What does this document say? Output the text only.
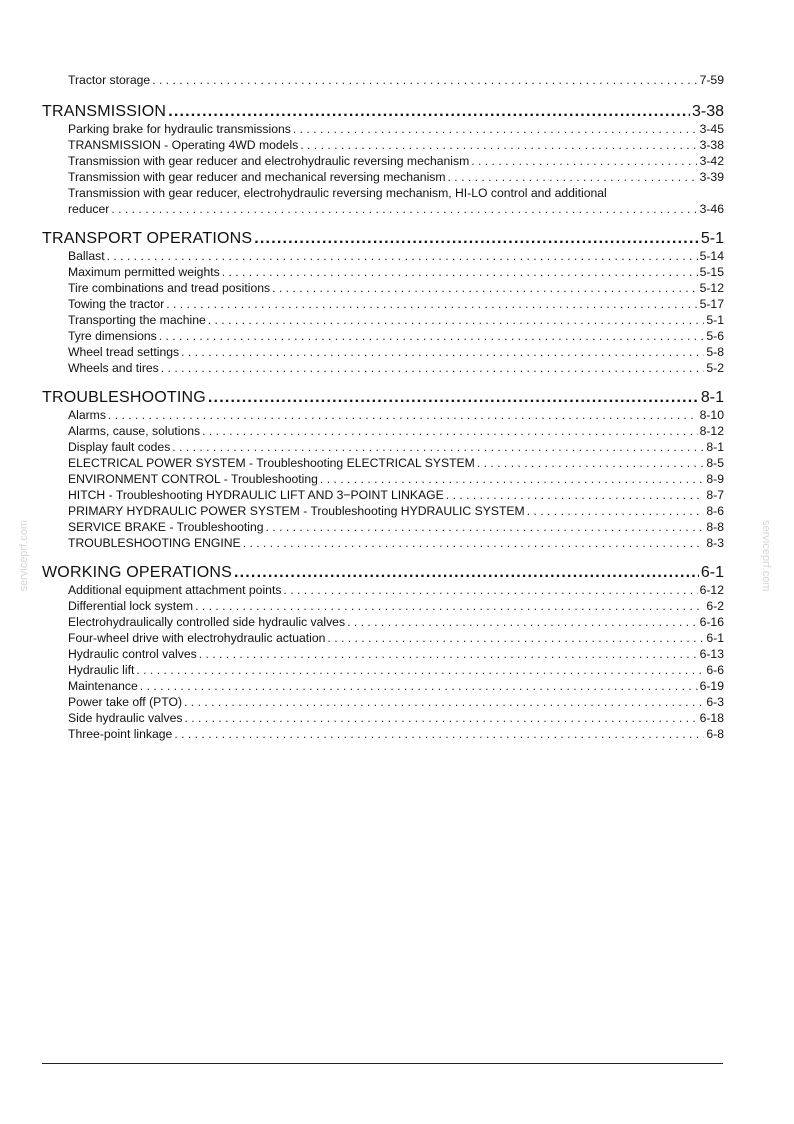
serviceprf.com	serviceprf.com
Tractor storage . . .	7-59
TRANSMISSION .....	3-38
Parking brake for hydraulic transmissions . . .	3-45
TRANSMISSION - Operating 4WD models . . .	3-38
Transmission with gear reducer and electrohydraulic reversing mechanism . . .	3-42
Transmission with gear reducer and mechanical reversing mechanism . . .	3-39
Transmission with gear reducer, electrohydraulic reversing mechanism, HI-LO control and additional
reducer . . .	3-46
TRANSPORT OPERATIONS .....	5-1
Ballast . . .	5-14
Maximum permitted weights . . .	5-15
Tire combinations and tread positions . . .	5-12
Towing the tractor . . .	5-17
Transporting the machine . . .	5-1
Tyre dimensions . . .	5-6
Wheel tread settings . . .	5-8
Wheels and tires . . .	5-2
TROUBLESHOOTING .....	8-1
Alarms . . .	8-10
Alarms, cause, solutions . . .	8-12
Display fault codes . . .	8-1
ELECTRICAL POWER SYSTEM - Troubleshooting ELECTRICAL SYSTEM . . .	8-5
ENVIRONMENT CONTROL - Troubleshooting . . .	8-9
HITCH - Troubleshooting HYDRAULIC LIFT AND 3−POINT LINKAGE . . .	8-7
PRIMARY HYDRAULIC POWER SYSTEM - Troubleshooting HYDRAULIC SYSTEM . . .	8-6
SERVICE BRAKE - Troubleshooting . . .	8-8
TROUBLESHOOTING ENGINE . . .	8-3
WORKING OPERATIONS .....	6-1
Additional equipment attachment points . . .	6-12
Differential lock system . . .	6-2
Electrohydraulically controlled side hydraulic valves . . .	6-16
Four-wheel drive with electrohydraulic actuation . . .	6-1
Hydraulic control valves . . .	6-13
Hydraulic lift . . .	6-6
Maintenance . . .	6-19
Power take off (PTO) . . .	6-3
Side hydraulic valves . . .	6-18
Three-point linkage . . .	6-8
